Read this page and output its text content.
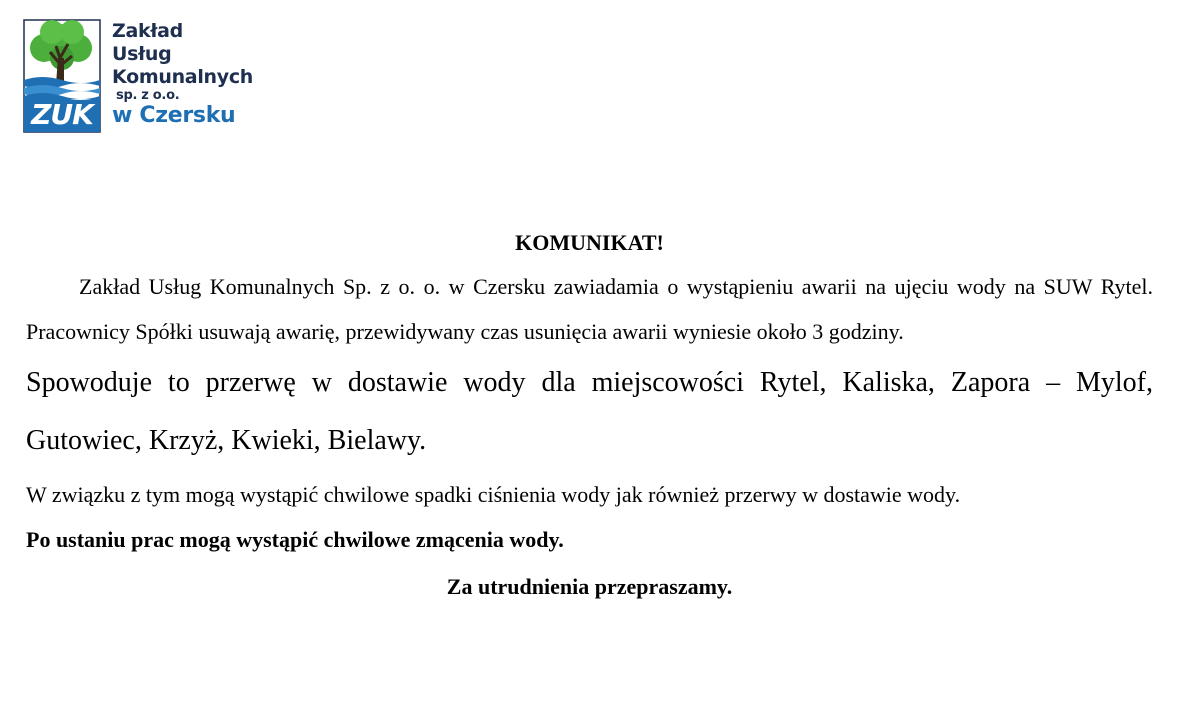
ZUK
Zakład
Usług
Komunalnych
sp. z o.o.
w Czersku

KOMUNIKAT!

Zakład Usług Komunalnych Sp. z o. o. w Czersku zawiadamia o wystąpieniu awarii na ujęciu wody na SUW Rytel. Pracownicy Spółki usuwają awarię, przewidywany czas usunięcia awarii wyniesie około 3 godziny.

Spowoduje to przerwę w dostawie wody dla miejscowości Rytel, Kaliska, Zapora – Mylof, Gutowiec, Krzyż, Kwieki, Bielawy.

W związku z tym mogą wystąpić chwilowe spadki ciśnienia wody jak również przerwy w dostawie wody.

Po ustaniu prac mogą wystąpić chwilowe zmącenia wody.

Za utrudnienia przepraszamy.
